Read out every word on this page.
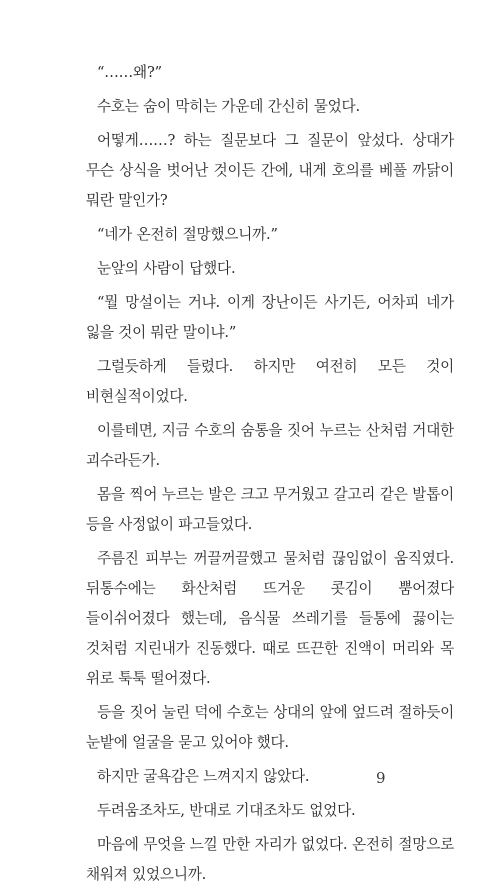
“……왜?”

수호는 숨이 막히는 가운데 간신히 물었다.

어떻게……? 하는 질문보다 그 질문이 앞섰다. 상대가 무슨 상식을 벗어난 것이든 간에, 내게 호의를 베풀 까닭이 뭐란 말인가?

“네가 온전히 절망했으니까.”

눈앞의 사람이 답했다.

“뭘 망설이는 거냐. 이게 장난이든 사기든, 어차피 네가 잃을 것이 뭐란 말이냐.”

그럴듯하게 들렸다. 하지만 여전히 모든 것이 비현실적이었다.

이를테면, 지금 수호의 숨통을 짓어 누르는 산처럼 거대한 괴수라든가.

몸을 찍어 누르는 발은 크고 무거웠고 갈고리 같은 발톱이 등을 사정없이 파고들었다.

주름진 피부는 꺼끌꺼끌했고 물처럼 끊임없이 움직였다. 뒤통수에는 화산처럼 뜨거운 콧김이 뿜어졌다 들이쉬어졌다 했는데, 음식물 쓰레기를 들통에 끓이는 것처럼 지린내가 진동했다. 때로 뜨끈한 진액이 머리와 목 위로 툭툭 떨어졌다.

등을 짓어 눌린 덕에 수호는 상대의 앞에 엎드려 절하듯이 눈밭에 얼굴을 묻고 있어야 했다.

하지만 굴욕감은 느껴지지 않았다.

두려움조차도, 반대로 기대조차도 없었다.

마음에 무엇을 느낄 만한 자리가 없었다. 온전히 절망으로 채워져 있었으니까.

9
